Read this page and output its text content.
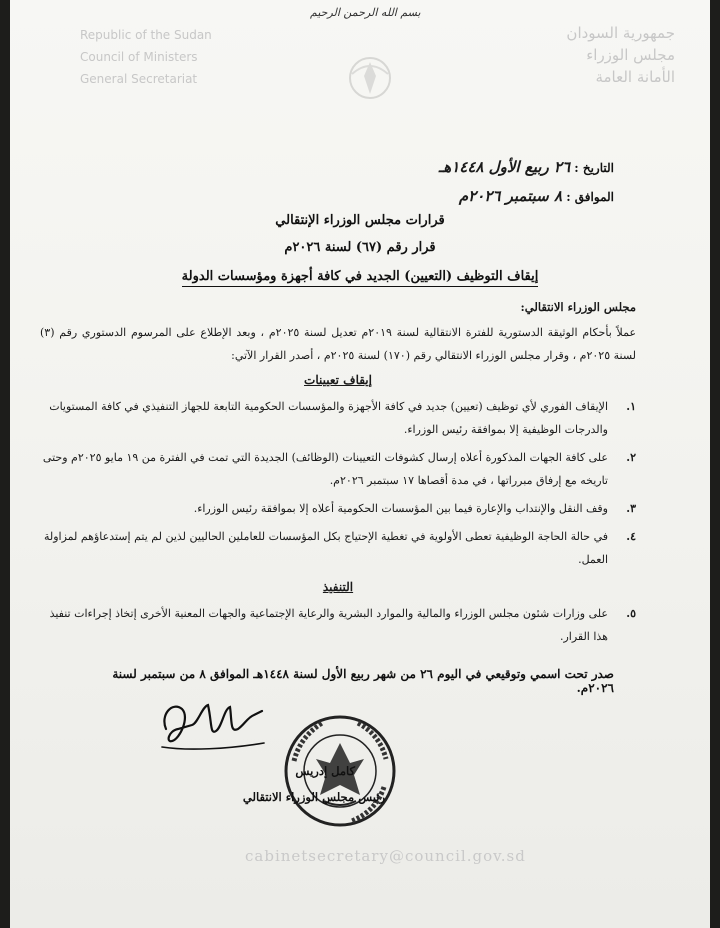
بسم الله الرحمن الرحيم
جمهورية السودان
مجلس الوزراء
الأمانة العامة
Republic of the Sudan
Council of Ministers
General Secretariat
التاريخ : ٢٦ ربيع الأول ١٤٤٨هـ
الموافق : ٨ سبتمبر ٢٠٢٦م
قرارات مجلس الوزراء الإنتقالي
قرار رقم (٦٧) لسنة ٢٠٢٦م
إيقاف التوظيف (التعيين) الجديد في كافة أجهزة ومؤسسات الدولة
مجلس الوزراء الانتقالي:
عملاً بأحكام الوثيقة الدستورية للفترة الانتقالية لسنة ٢٠١٩م تعديل لسنة ٢٠٢٥م ، وبعد الإطلاع على المرسوم الدستوري رقم (٣) لسنة ٢٠٢٥م ، وقرار مجلس الوزراء الانتقالي رقم (١٧٠) لسنة ٢٠٢٥م ، أصدر القرار الآتي:
إيقاف تعيينات
١.
الإيقاف الفوري لأي توظيف (تعيين) جديد في كافة الأجهزة والمؤسسات الحكومية التابعة للجهاز التنفيذي في كافة المستويات والدرجات الوظيفية إلا بموافقة رئيس الوزراء.
٢.
على كافة الجهات المذكورة أعلاه إرسال كشوفات التعيينات (الوظائف) الجديدة التي تمت في الفترة من ١٩ مايو ٢٠٢٥م وحتى تاريخه مع إرفاق مبرراتها ، في مدة أقصاها ١٧ سبتمبر ٢٠٢٦م.
٣.
وقف النقل والإنتداب والإعارة فيما بين المؤسسات الحكومية أعلاه إلا بموافقة رئيس الوزراء.
٤.
في حالة الحاجة الوظيفية تعطى الأولوية في تغطية الإحتياج بكل المؤسسات للعاملين الحاليين لذين لم يتم إستدعاؤهم لمزاولة العمل.
التنفيذ
٥.
على وزارات شئون مجلس الوزراء والمالية والموارد البشرية والرعاية الإجتماعية والجهات المعنية الأخرى إتخاذ إجراءات تنفيذ هذا القرار.
صدر تحت اسمي وتوقيعي في اليوم ٢٦ من شهر ربيع الأول لسنة ١٤٤٨هـ الموافق ٨ من سبتمبر لسنة ٢٠٢٦م.
كامل إدريس
رئيس مجلس الوزراء الانتقالي
cabinetsecretary@council.gov.sd
